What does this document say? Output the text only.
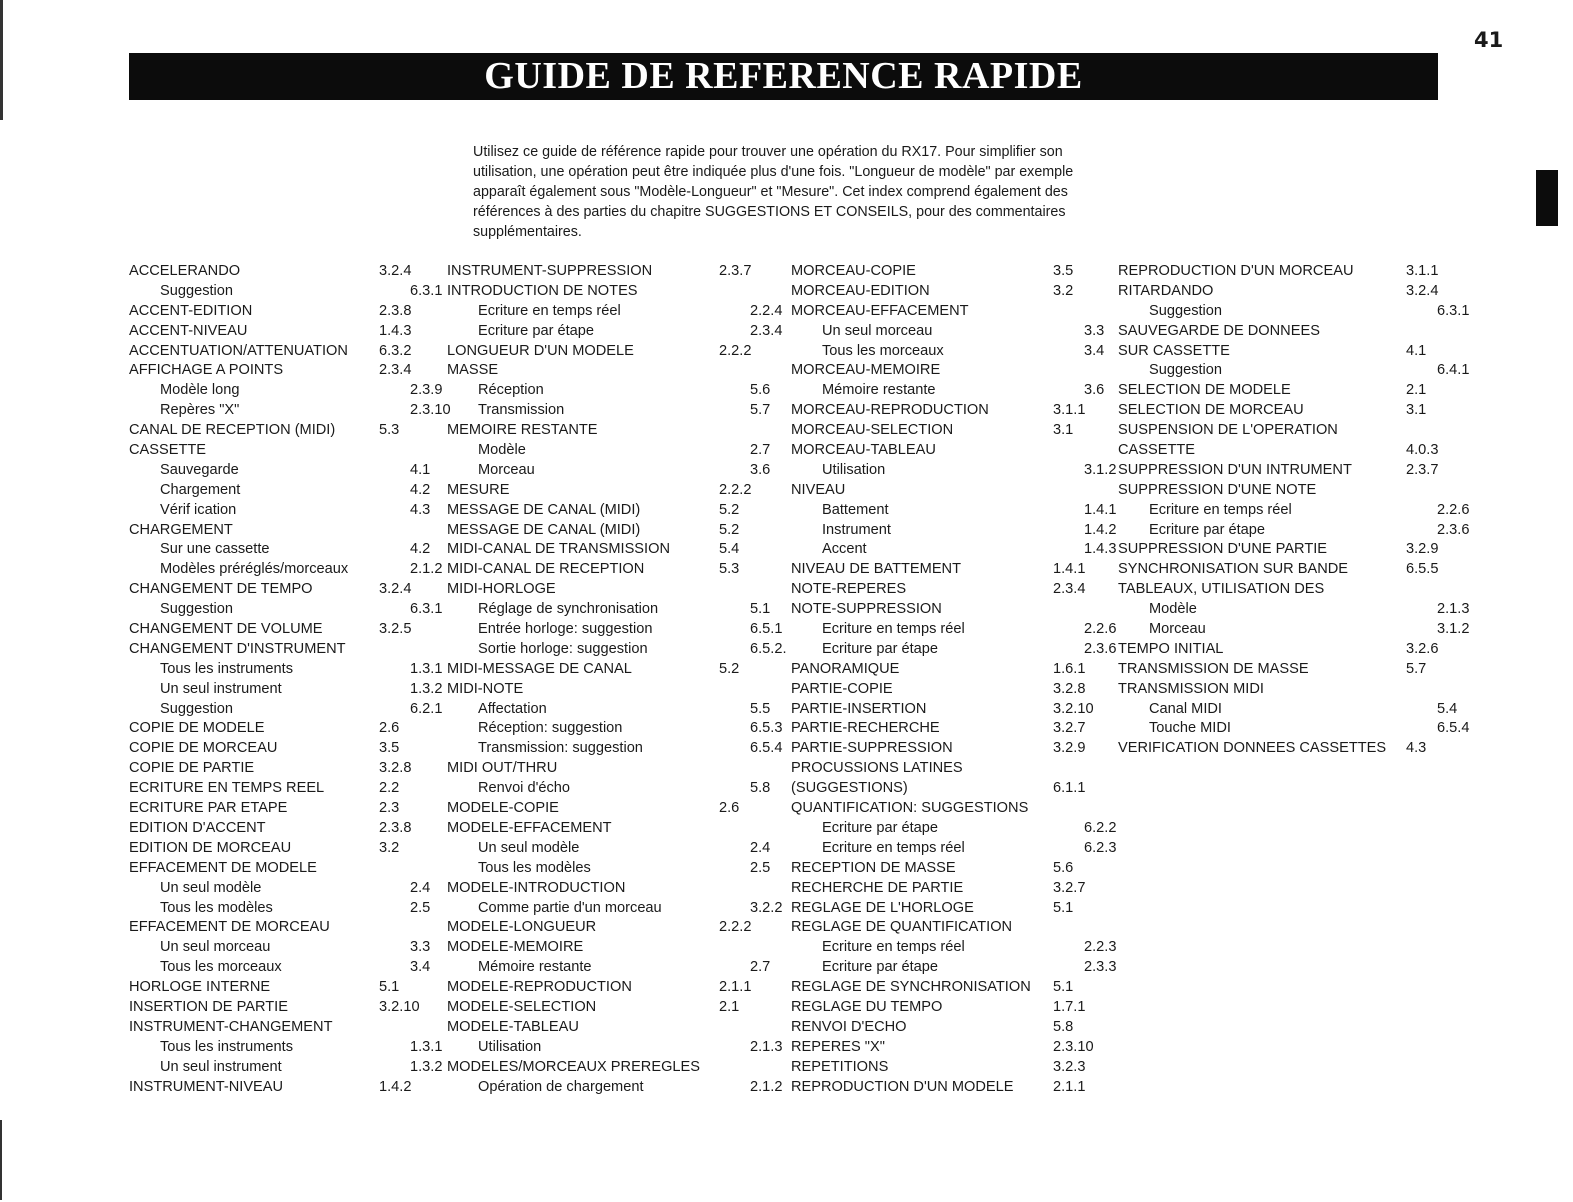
41
GUIDE DE REFERENCE RAPIDE

Utilisez ce guide de référence rapide pour trouver une opération du RX17. Pour simplifier son utilisation, une opération peut être indiquée plus d'une fois. "Longueur de modèle" par exemple apparaît également sous "Modèle-Longueur" et "Mesure". Cet index comprend également des références à des parties du chapitre SUGGESTIONS ET CONSEILS, pour des commentaires supplémentaires.

ACCELERANDO	3.2.4
Suggestion	6.3.1
ACCENT-EDITION	2.3.8
ACCENT-NIVEAU	1.4.3
ACCENTUATION/ATTENUATION	6.3.2
AFFICHAGE A POINTS	2.3.4
Modèle long	2.3.9
Repères "X"	2.3.10
CANAL DE RECEPTION (MIDI)	5.3
CASSETTE
Sauvegarde	4.1
Chargement	4.2
Vérif ication	4.3
CHARGEMENT
Sur une cassette	4.2
Modèles préréglés/morceaux	2.1.2
CHANGEMENT DE TEMPO	3.2.4
Suggestion	6.3.1
CHANGEMENT DE VOLUME	3.2.5
CHANGEMENT D'INSTRUMENT
Tous les instruments	1.3.1
Un seul instrument	1.3.2
Suggestion	6.2.1
COPIE DE MODELE	2.6
COPIE DE MORCEAU	3.5
COPIE DE PARTIE	3.2.8
ECRITURE EN TEMPS REEL	2.2
ECRITURE PAR ETAPE	2.3
EDITION D'ACCENT	2.3.8
EDITION DE MORCEAU	3.2
EFFACEMENT DE MODELE
Un seul modèle	2.4
Tous les modèles	2.5
EFFACEMENT DE MORCEAU
Un seul morceau	3.3
Tous les morceaux	3.4
HORLOGE INTERNE	5.1
INSERTION DE PARTIE	3.2.10
INSTRUMENT-CHANGEMENT
Tous les instruments	1.3.1
Un seul instrument	1.3.2
INSTRUMENT-NIVEAU	1.4.2
INSTRUMENT-SUPPRESSION	2.3.7
INTRODUCTION DE NOTES
Ecriture en temps réel	2.2.4
Ecriture par étape	2.3.4
LONGUEUR D'UN MODELE	2.2.2
MASSE
Réception	5.6
Transmission	5.7
MEMOIRE RESTANTE
Modèle	2.7
Morceau	3.6
MESURE	2.2.2
MESSAGE DE CANAL (MIDI)	5.2
MESSAGE DE CANAL (MIDI)	5.2
MIDI-CANAL DE TRANSMISSION	5.4
MIDI-CANAL DE RECEPTION	5.3
MIDI-HORLOGE
Réglage de synchronisation	5.1
Entrée horloge: suggestion	6.5.1
Sortie horloge: suggestion	6.5.2.
MIDI-MESSAGE DE CANAL	5.2
MIDI-NOTE
Affectation	5.5
Réception: suggestion	6.5.3
Transmission: suggestion	6.5.4
MIDI OUT/THRU
Renvoi d'écho	5.8
MODELE-COPIE	2.6
MODELE-EFFACEMENT
Un seul modèle	2.4
Tous les modèles	2.5
MODELE-INTRODUCTION
Comme partie d'un morceau	3.2.2
MODELE-LONGUEUR	2.2.2
MODELE-MEMOIRE
Mémoire restante	2.7
MODELE-REPRODUCTION	2.1.1
MODELE-SELECTION	2.1
MODELE-TABLEAU
Utilisation	2.1.3
MODELES/MORCEAUX PREREGLES
Opération de chargement	2.1.2
MORCEAU-COPIE	3.5
MORCEAU-EDITION	3.2
MORCEAU-EFFACEMENT
Un seul morceau	3.3
Tous les morceaux	3.4
MORCEAU-MEMOIRE
Mémoire restante	3.6
MORCEAU-REPRODUCTION	3.1.1
MORCEAU-SELECTION	3.1
MORCEAU-TABLEAU
Utilisation	3.1.2
NIVEAU
Battement	1.4.1
Instrument	1.4.2
Accent	1.4.3
NIVEAU DE BATTEMENT	1.4.1
NOTE-REPERES	2.3.4
NOTE-SUPPRESSION
Ecriture en temps réel	2.2.6
Ecriture par étape	2.3.6
PANORAMIQUE	1.6.1
PARTIE-COPIE	3.2.8
PARTIE-INSERTION	3.2.10
PARTIE-RECHERCHE	3.2.7
PARTIE-SUPPRESSION	3.2.9
PROCUSSIONS LATINES
(SUGGESTIONS)	6.1.1
QUANTIFICATION: SUGGESTIONS
Ecriture par étape	6.2.2
Ecriture en temps réel	6.2.3
RECEPTION DE MASSE	5.6
RECHERCHE DE PARTIE	3.2.7
REGLAGE DE L'HORLOGE	5.1
REGLAGE DE QUANTIFICATION
Ecriture en temps réel	2.2.3
Ecriture par étape	2.3.3
REGLAGE DE SYNCHRONISATION	5.1
REGLAGE DU TEMPO	1.7.1
RENVOI D'ECHO	5.8
REPERES "X"	2.3.10
REPETITIONS	3.2.3
REPRODUCTION D'UN MODELE	2.1.1
REPRODUCTION D'UN MORCEAU	3.1.1
RITARDANDO	3.2.4
Suggestion	6.3.1
SAUVEGARDE DE DONNEES
SUR CASSETTE	4.1
Suggestion	6.4.1
SELECTION DE MODELE	2.1
SELECTION DE MORCEAU	3.1
SUSPENSION DE L'OPERATION
CASSETTE	4.0.3
SUPPRESSION D'UN INTRUMENT	2.3.7
SUPPRESSION D'UNE NOTE
Ecriture en temps réel	2.2.6
Ecriture par étape	2.3.6
SUPPRESSION D'UNE PARTIE	3.2.9
SYNCHRONISATION SUR BANDE	6.5.5
TABLEAUX, UTILISATION DES
Modèle	2.1.3
Morceau	3.1.2
TEMPO INITIAL	3.2.6
TRANSMISSION DE MASSE	5.7
TRANSMISSION MIDI
Canal MIDI	5.4
Touche MIDI	6.5.4
VERIFICATION DONNEES CASSETTES	4.3
